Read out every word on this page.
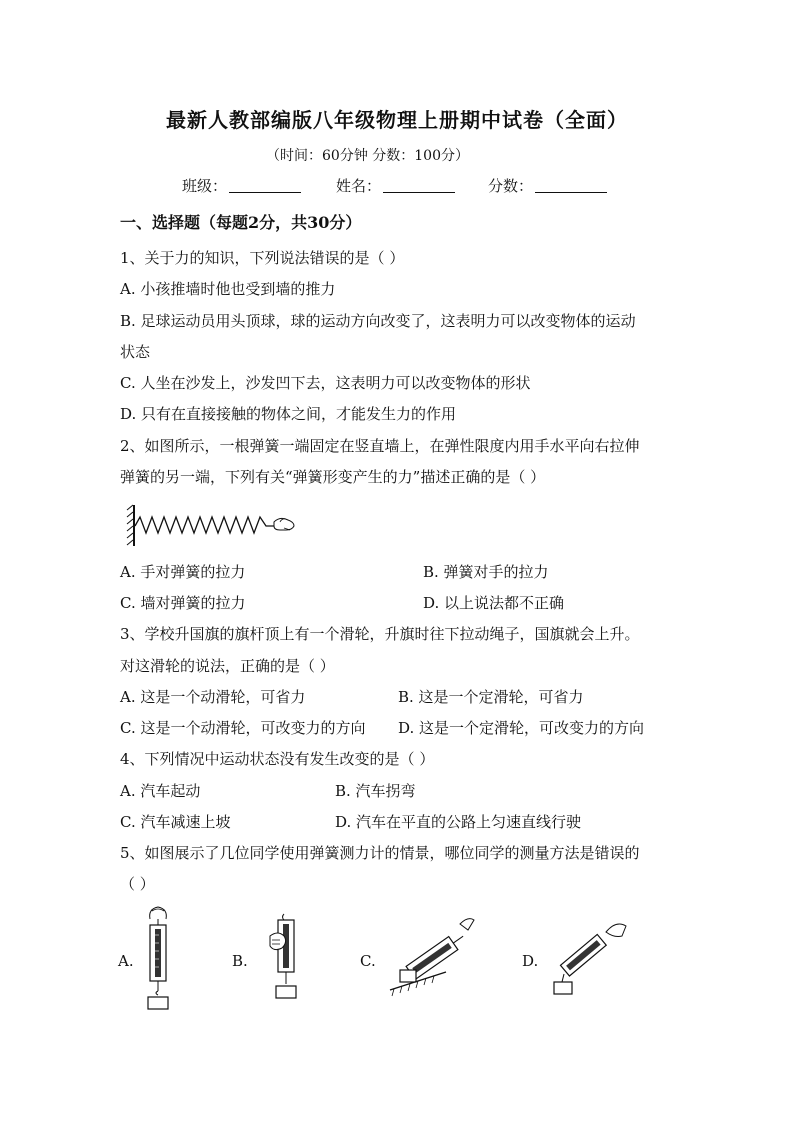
最新人教部编版八年级物理上册期中试卷（全面）
（时间：60分钟 分数：100分）
班级：	姓名：	分数：
一、选择题（每题2分，共30分）
1、关于力的知识，下列说法错误的是（ ）
A. 小孩推墙时他也受到墙的推力
B. 足球运动员用头顶球，球的运动方向改变了，这表明力可以改变物体的运动
状态
C. 人坐在沙发上，沙发凹下去，这表明力可以改变物体的形状
D. 只有在直接接触的物体之间，才能发生力的作用
2、如图所示，一根弹簧一端固定在竖直墙上，在弹性限度内用手水平向右拉伸
弹簧的另一端，下列有关“弹簧形变产生的力”描述正确的是（ ）
A. 手对弹簧的拉力	B. 弹簧对手的拉力
C. 墙对弹簧的拉力	D. 以上说法都不正确
3、学校升国旗的旗杆顶上有一个滑轮，升旗时往下拉动绳子，国旗就会上升。
对这滑轮的说法，正确的是（ ）
A. 这是一个动滑轮，可省力	B. 这是一个定滑轮，可省力
C. 这是一个动滑轮，可改变力的方向 D. 这是一个定滑轮，可改变力的方向
4、下列情况中运动状态没有发生改变的是（ ）
A. 汽车起动	B. 汽车拐弯
C. 汽车减速上坡	D. 汽车在平直的公路上匀速直线行驶
5、如图展示了几位同学使用弹簧测力计的情景，哪位同学的测量方法是错误的
（ ）
A.	B.	C.	D.
